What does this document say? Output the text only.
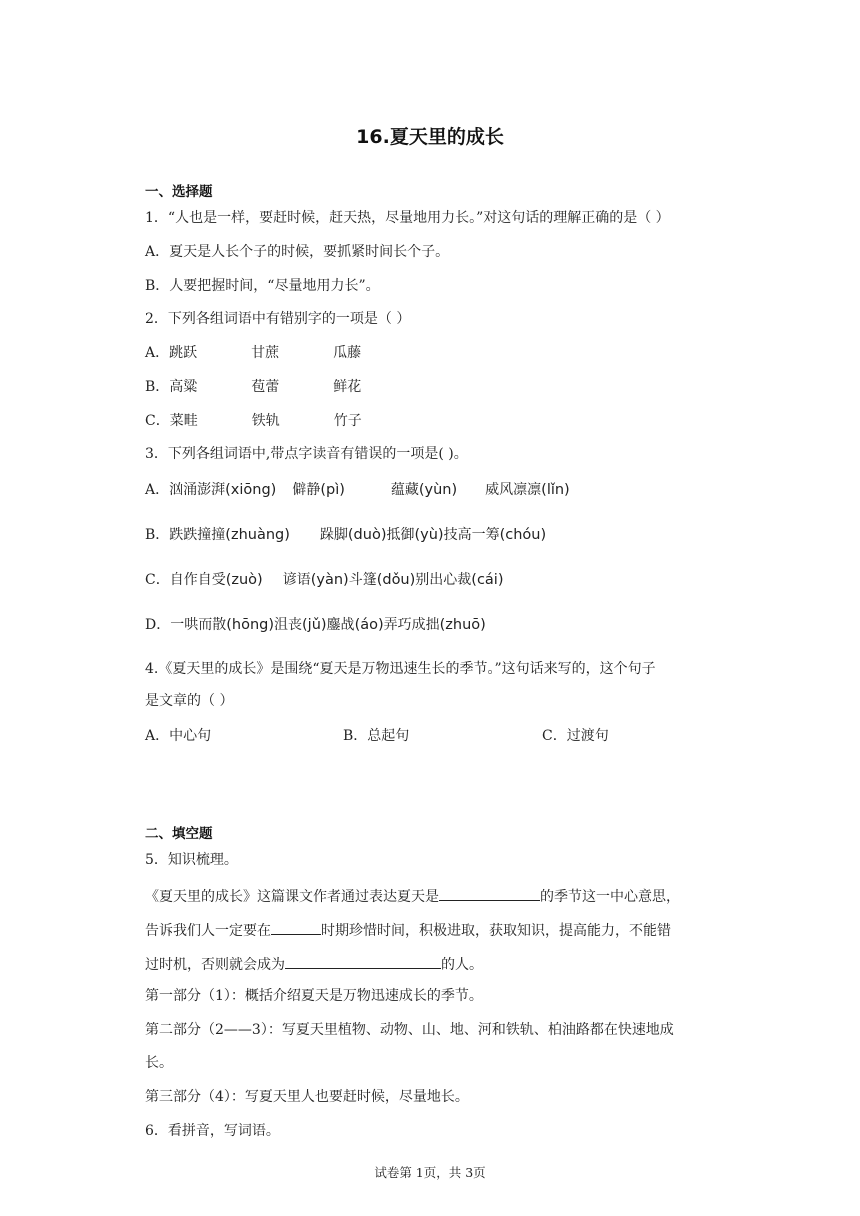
16.夏天里的成长
一、选择题
1．“人也是一样，要赶时候，赶天热，尽量地用力长。”对这句话的理解正确的是（ ）
A．夏天是人长个子的时候，要抓紧时间长个子。
B．人要把握时间，“尽量地用力长”。
2．下列各组词语中有错别字的一项是（ ）
A．跳跃	甘蔗	瓜藤
B．高粱	苞蕾	鲜花
C．菜畦	铁轨	竹子
3．下列各组词语中,带点字读音有错误的一项是( )。
A．汹涌澎湃(xiōng) 僻静(pì)	蕴藏(yùn) 威风凛凛(lǐn)
B．跌跌撞撞(zhuàng) 跺脚(duò)抵御(yù)技高一筹(chóu)
C．自作自受(zuò) 谚语(yàn)斗篷(dǒu)别出心裁(cái)
D．一哄而散(hōng)沮丧(jǔ)鏖战(áo)弄巧成拙(zhuō)
4.《夏天里的成长》是围绕“夏天是万物迅速生长的季节。”这句话来写的，这个句子
是文章的（ ）
A．中心句	B．总起句	C．过渡句
二、填空题
5．知识梳理。
《夏天里的成长》这篇课文作者通过表达夏天是	的季节这一中心意思，
告诉我们人一定要在	时期珍惜时间，积极进取，获取知识，提高能力，不能错
过时机，否则就会成为	的人。
第一部分（1）：概括介绍夏天是万物迅速成长的季节。
第二部分（2——3）：写夏天里植物、动物、山、地、河和铁轨、柏油路都在快速地成
长。
第三部分（4）：写夏天里人也要赶时候，尽量地长。
6．看拼音，写词语。
试卷第 1页，共 3页
